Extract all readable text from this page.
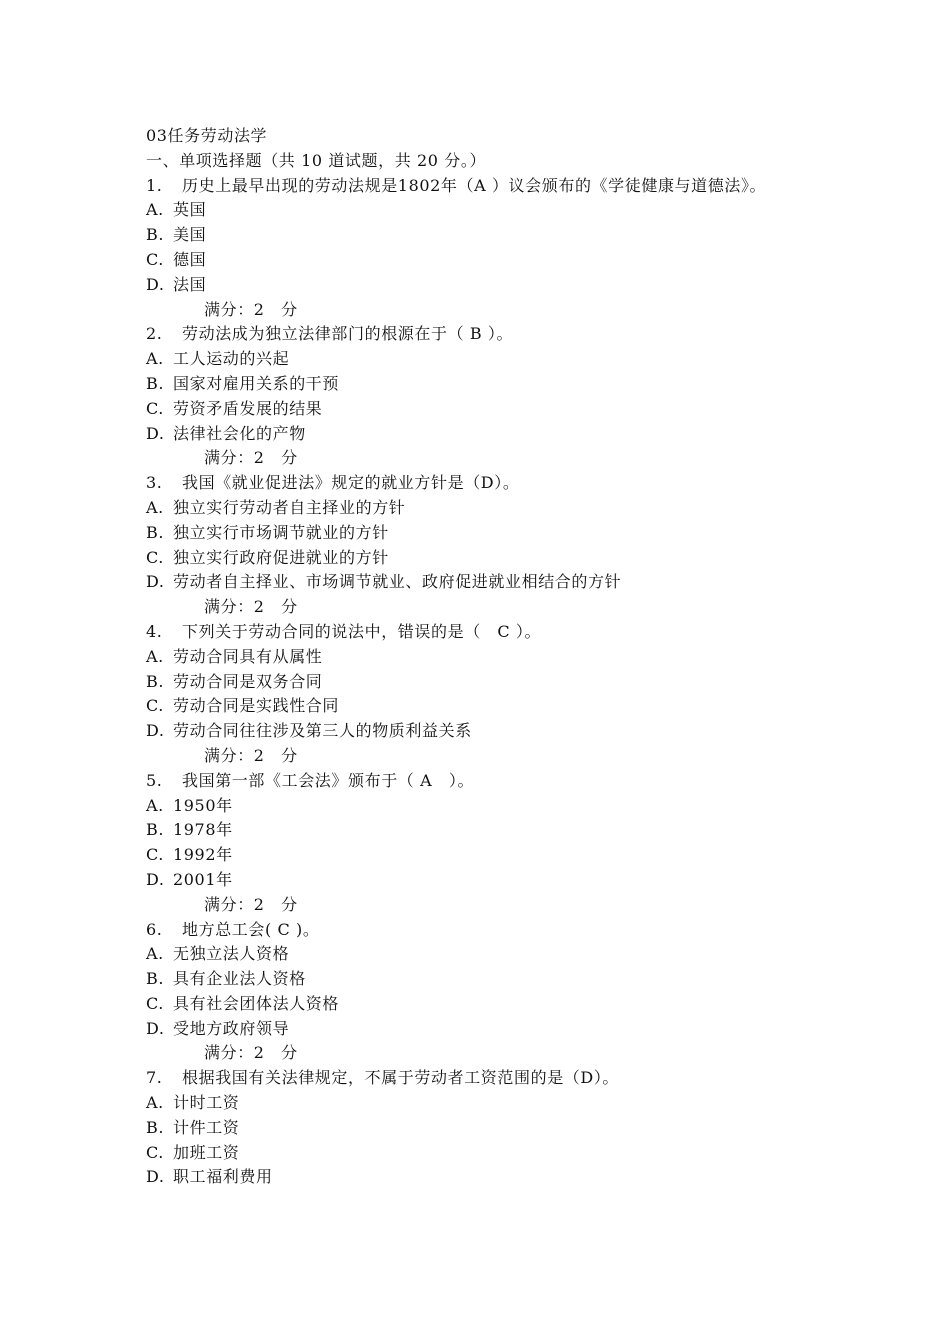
03任务劳动法学
一、单项选择题（共 10 道试题，共 20 分。）
1. 历史上最早出现的劳动法规是1802年（A ）议会颁布的《学徒健康与道德法》。
A. 英国
B. 美国
C. 德国
D. 法国
满分：2　分
2. 劳动法成为独立法律部门的根源在于（ B ）。
A. 工人运动的兴起
B. 国家对雇用关系的干预
C. 劳资矛盾发展的结果
D. 法律社会化的产物
满分：2　分
3. 我国《就业促进法》规定的就业方针是（D）。
A. 独立实行劳动者自主择业的方针
B. 独立实行市场调节就业的方针
C. 独立实行政府促进就业的方针
D. 劳动者自主择业、市场调节就业、政府促进就业相结合的方针
满分：2　分
4. 下列关于劳动合同的说法中，错误的是（　C ）。
A. 劳动合同具有从属性
B. 劳动合同是双务合同
C. 劳动合同是实践性合同
D. 劳动合同往往涉及第三人的物质利益关系
满分：2　分
5. 我国第一部《工会法》颁布于（ A　）。
A. 1950年
B. 1978年
C. 1992年
D. 2001年
满分：2　分
6. 地方总工会( C )。
A. 无独立法人资格
B. 具有企业法人资格
C. 具有社会团体法人资格
D. 受地方政府领导
满分：2　分
7. 根据我国有关法律规定，不属于劳动者工资范围的是（D）。
A. 计时工资
B. 计件工资
C. 加班工资
D. 职工福利费用
